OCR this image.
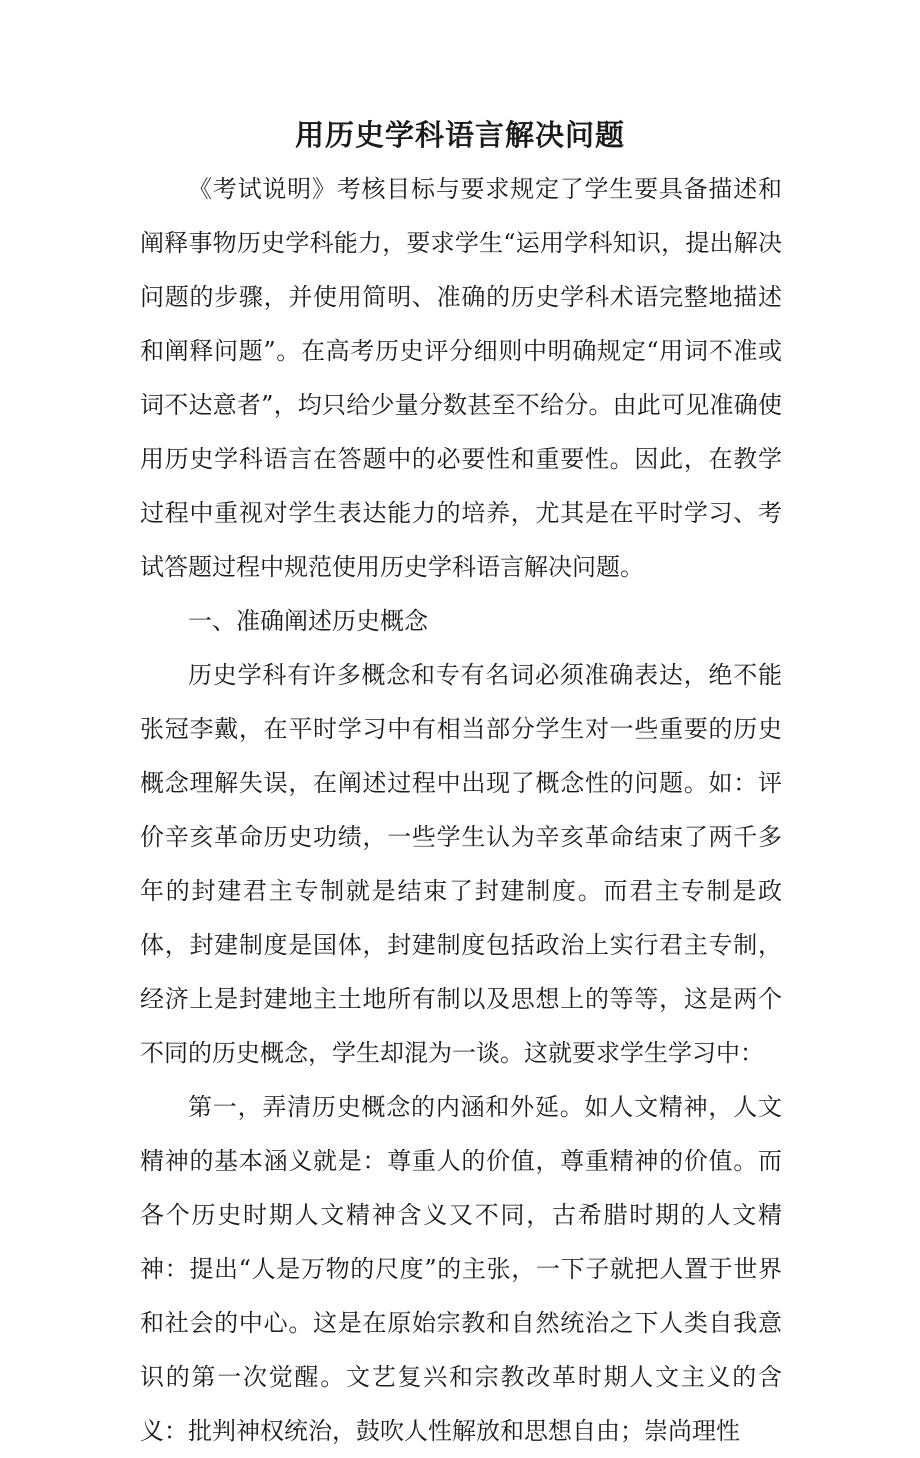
用历史学科语言解决问题

《考试说明》考核目标与要求规定了学生要具备描述和阐释事物历史学科能力，要求学生“运用学科知识，提出解决问题的步骤，并使用简明、准确的历史学科术语完整地描述和阐释问题”。在高考历史评分细则中明确规定“用词不准或词不达意者”，均只给少量分数甚至不给分。由此可见准确使用历史学科语言在答题中的必要性和重要性。因此，在教学过程中重视对学生表达能力的培养，尤其是在平时学习、考试答题过程中规范使用历史学科语言解决问题。

一、准确阐述历史概念

历史学科有许多概念和专有名词必须准确表达，绝不能张冠李戴，在平时学习中有相当部分学生对一些重要的历史概念理解失误，在阐述过程中出现了概念性的问题。如：评价辛亥革命历史功绩，一些学生认为辛亥革命结束了两千多年的封建君主专制就是结束了封建制度。而君主专制是政体，封建制度是国体，封建制度包括政治上实行君主专制，经济上是封建地主土地所有制以及思想上的等等，这是两个不同的历史概念，学生却混为一谈。这就要求学生学习中：

第一，弄清历史概念的内涵和外延。如人文精神，人文精神的基本涵义就是：尊重人的价值，尊重精神的价值。而各个历史时期人文精神含义又不同，古希腊时期的人文精神：提出“人是万物的尺度”的主张，一下子就把人置于世界和社会的中心。这是在原始宗教和自然统治之下人类自我意识的第一次觉醒。文艺复兴和宗教改革时期人文主义的含义：批判神权统治，鼓吹人性解放和思想自由；崇尚理性
